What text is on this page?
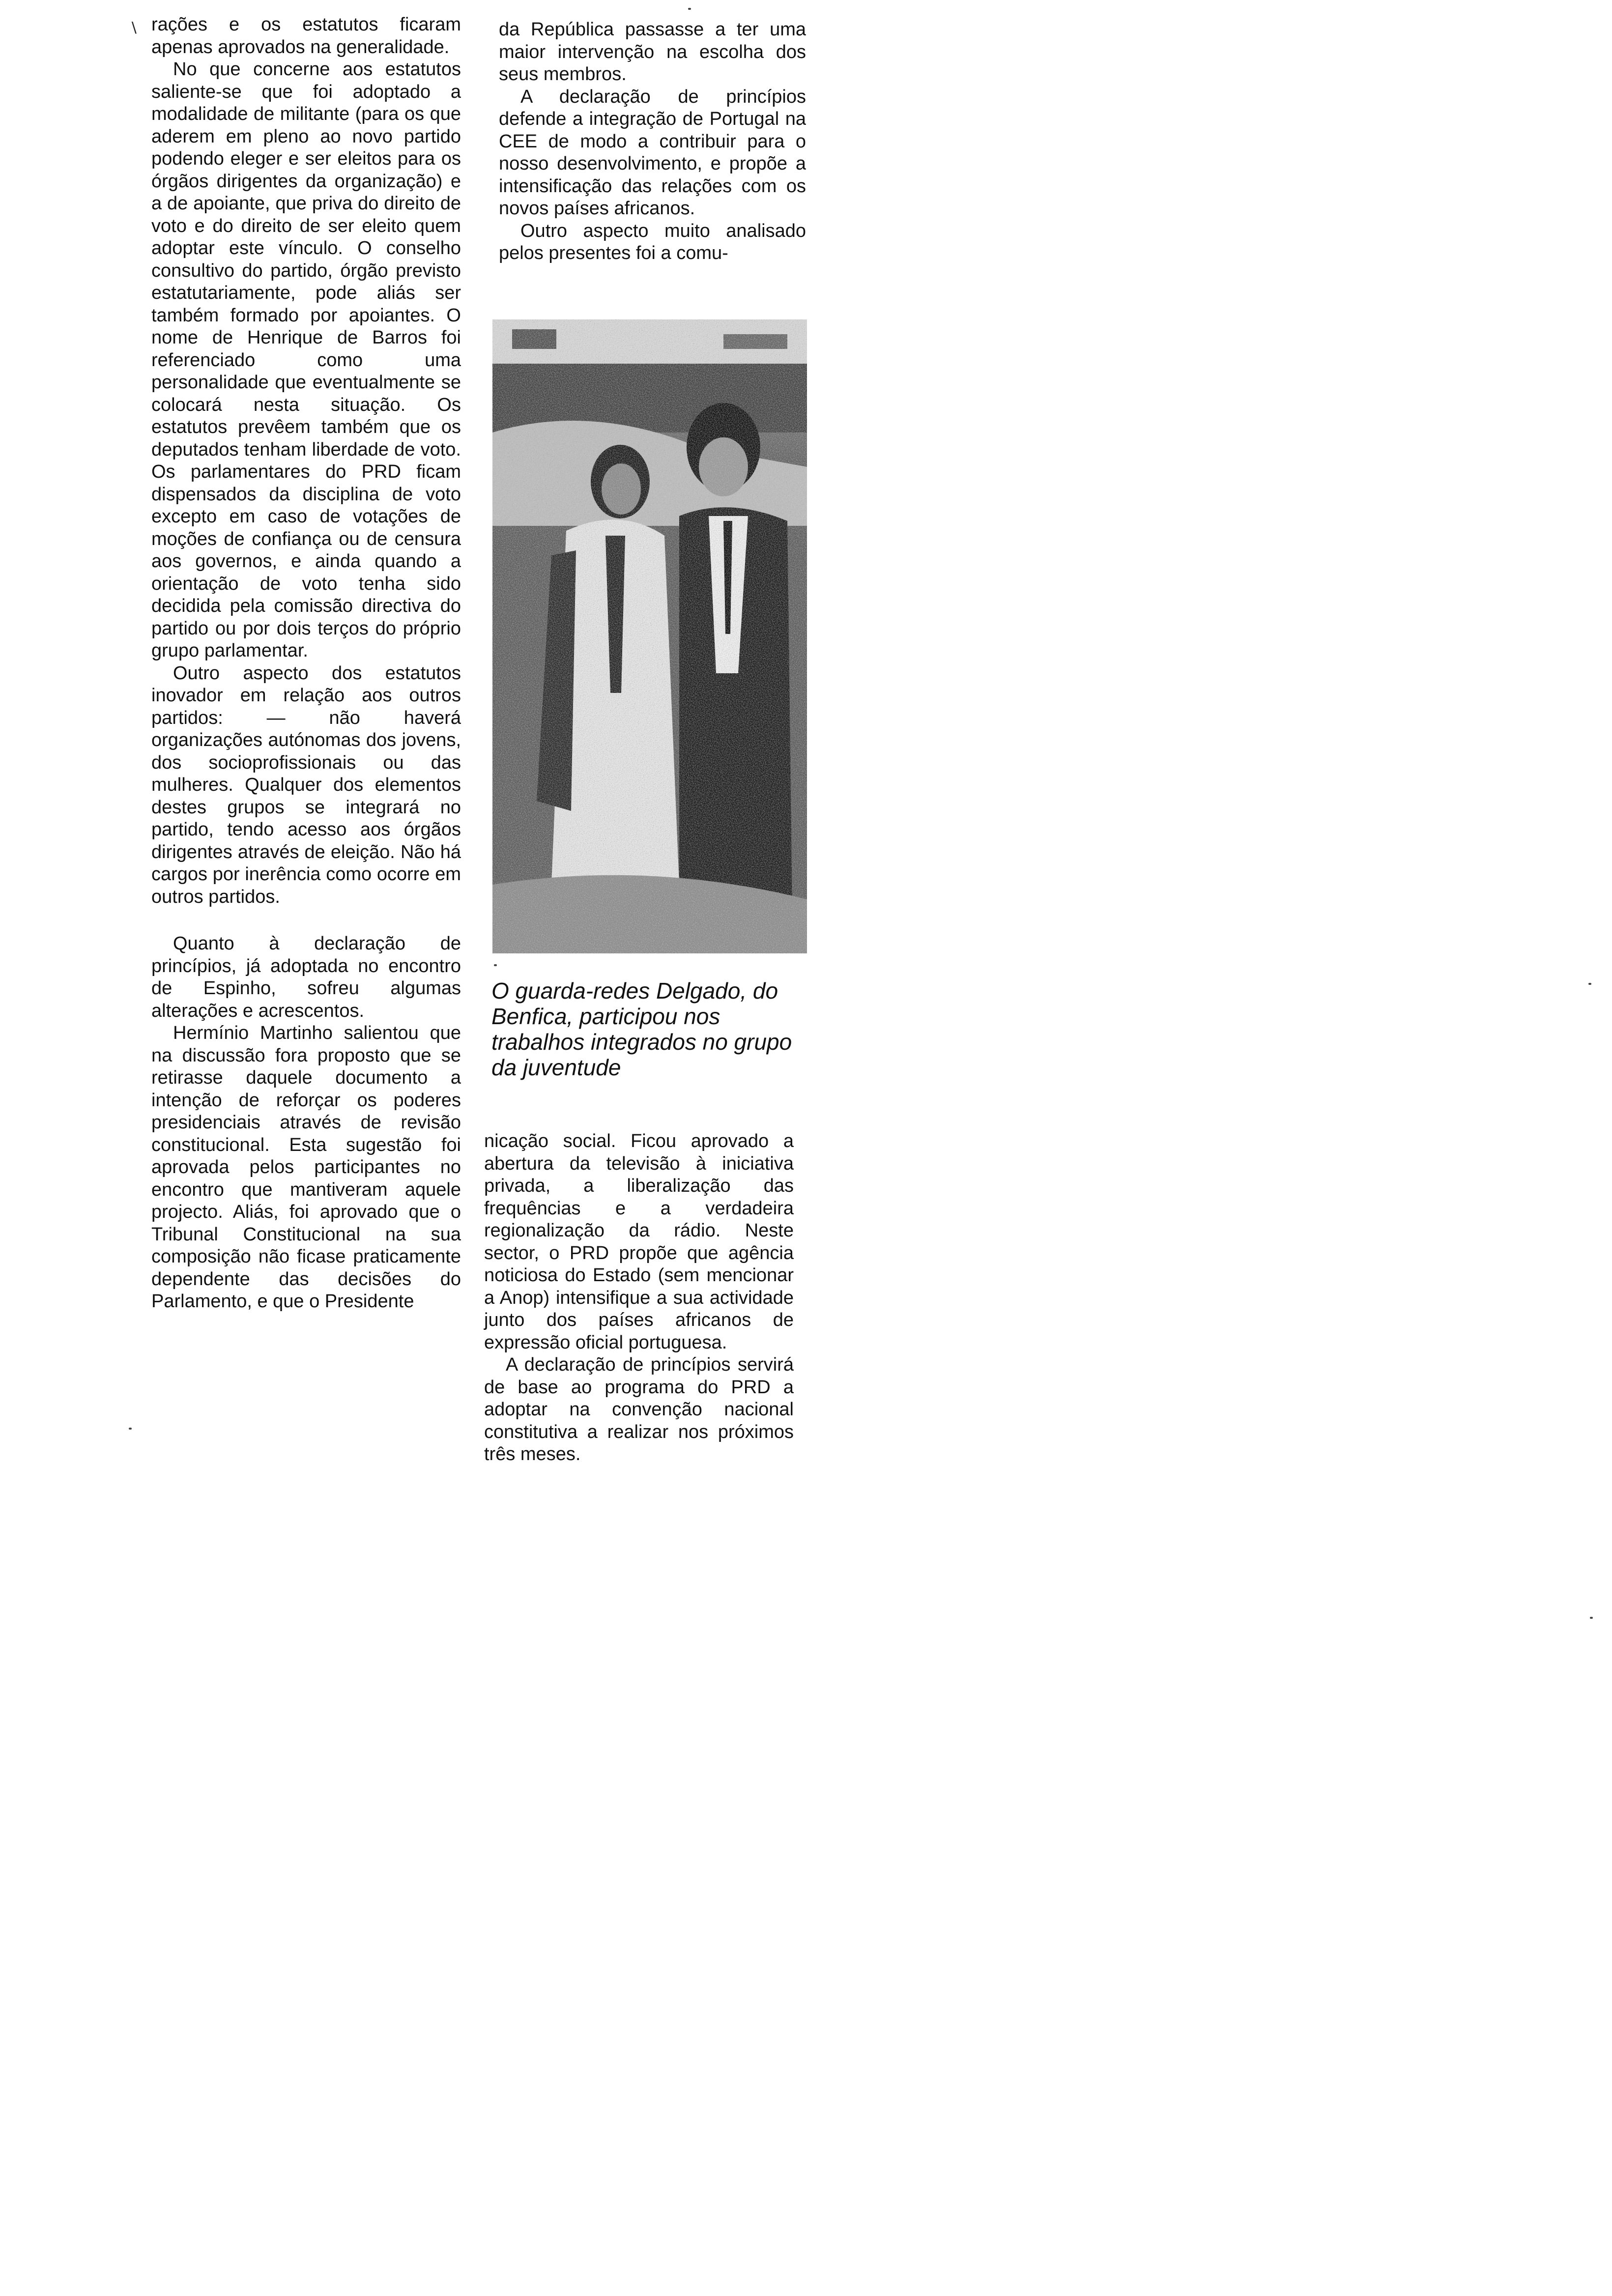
∖ rações e os estatutos ficaram apenas aprovados na generalidade.

No que concerne aos estatutos saliente-se que foi adoptado a modalidade de militante (para os que aderem em pleno ao novo partido podendo eleger e ser eleitos para os órgãos dirigentes da organização) e a de apoiante, que priva do direito de voto e do direito de ser eleito quem adoptar este vínculo. O conselho consultivo do partido, órgão previsto estatutariamente, pode aliás ser também formado por apoiantes. O nome de Henrique de Barros foi referenciado como uma personalidade que eventualmente se colocará nesta situação. Os estatutos prevêem também que os deputados tenham liberdade de voto. Os parlamentares do PRD ficam dispensados da disciplina de voto excepto em caso de votações de moções de confiança ou de censura aos governos, e ainda quando a orientação de voto tenha sido decidida pela comissão directiva do partido ou por dois terços do próprio grupo parlamentar.

Outro aspecto dos estatutos inovador em relação aos outros partidos: — não haverá organizações autónomas dos jovens, dos socioprofissionais ou das mulheres. Qualquer dos elementos destes grupos se integrará no partido, tendo acesso aos órgãos dirigentes através de eleição. Não há cargos por inerência como ocorre em outros partidos.

Quanto à declaração de princípios, já adoptada no encontro de Espinho, sofreu algumas alterações e acrescentos.

Hermínio Martinho salientou que na discussão fora proposto que se retirasse daquele documento a intenção de reforçar os poderes presidenciais através de revisão constitucional. Esta sugestão foi aprovada pelos participantes no encontro que mantiveram aquele projecto. Aliás, foi aprovado que o Tribunal Constitucional na sua composição não ficase praticamente dependente das decisões do Parlamento, e que o Presidente

da República passasse a ter uma maior intervenção na escolha dos seus membros.

A declaração de princípios defende a integração de Portugal na CEE de modo a contribuir para o nosso desenvolvimento, e propõe a intensificação das relações com os novos países africanos.

Outro aspecto muito analisado pelos presentes foi a comu-

O guarda-redes Delgado, do Benfica, participou nos trabalhos integrados no grupo da juventude

nicação social. Ficou aprovado a abertura da televisão à iniciativa privada, a liberalização das frequências e a verdadeira regionalização da rádio. Neste sector, o PRD propõe que agência noticiosa do Estado (sem mencionar a Anop) intensifique a sua actividade junto dos países africanos de expressão oficial portuguesa.

A declaração de princípios servirá de base ao programa do PRD a adoptar na convenção nacional constitutiva a realizar nos próximos três meses.
